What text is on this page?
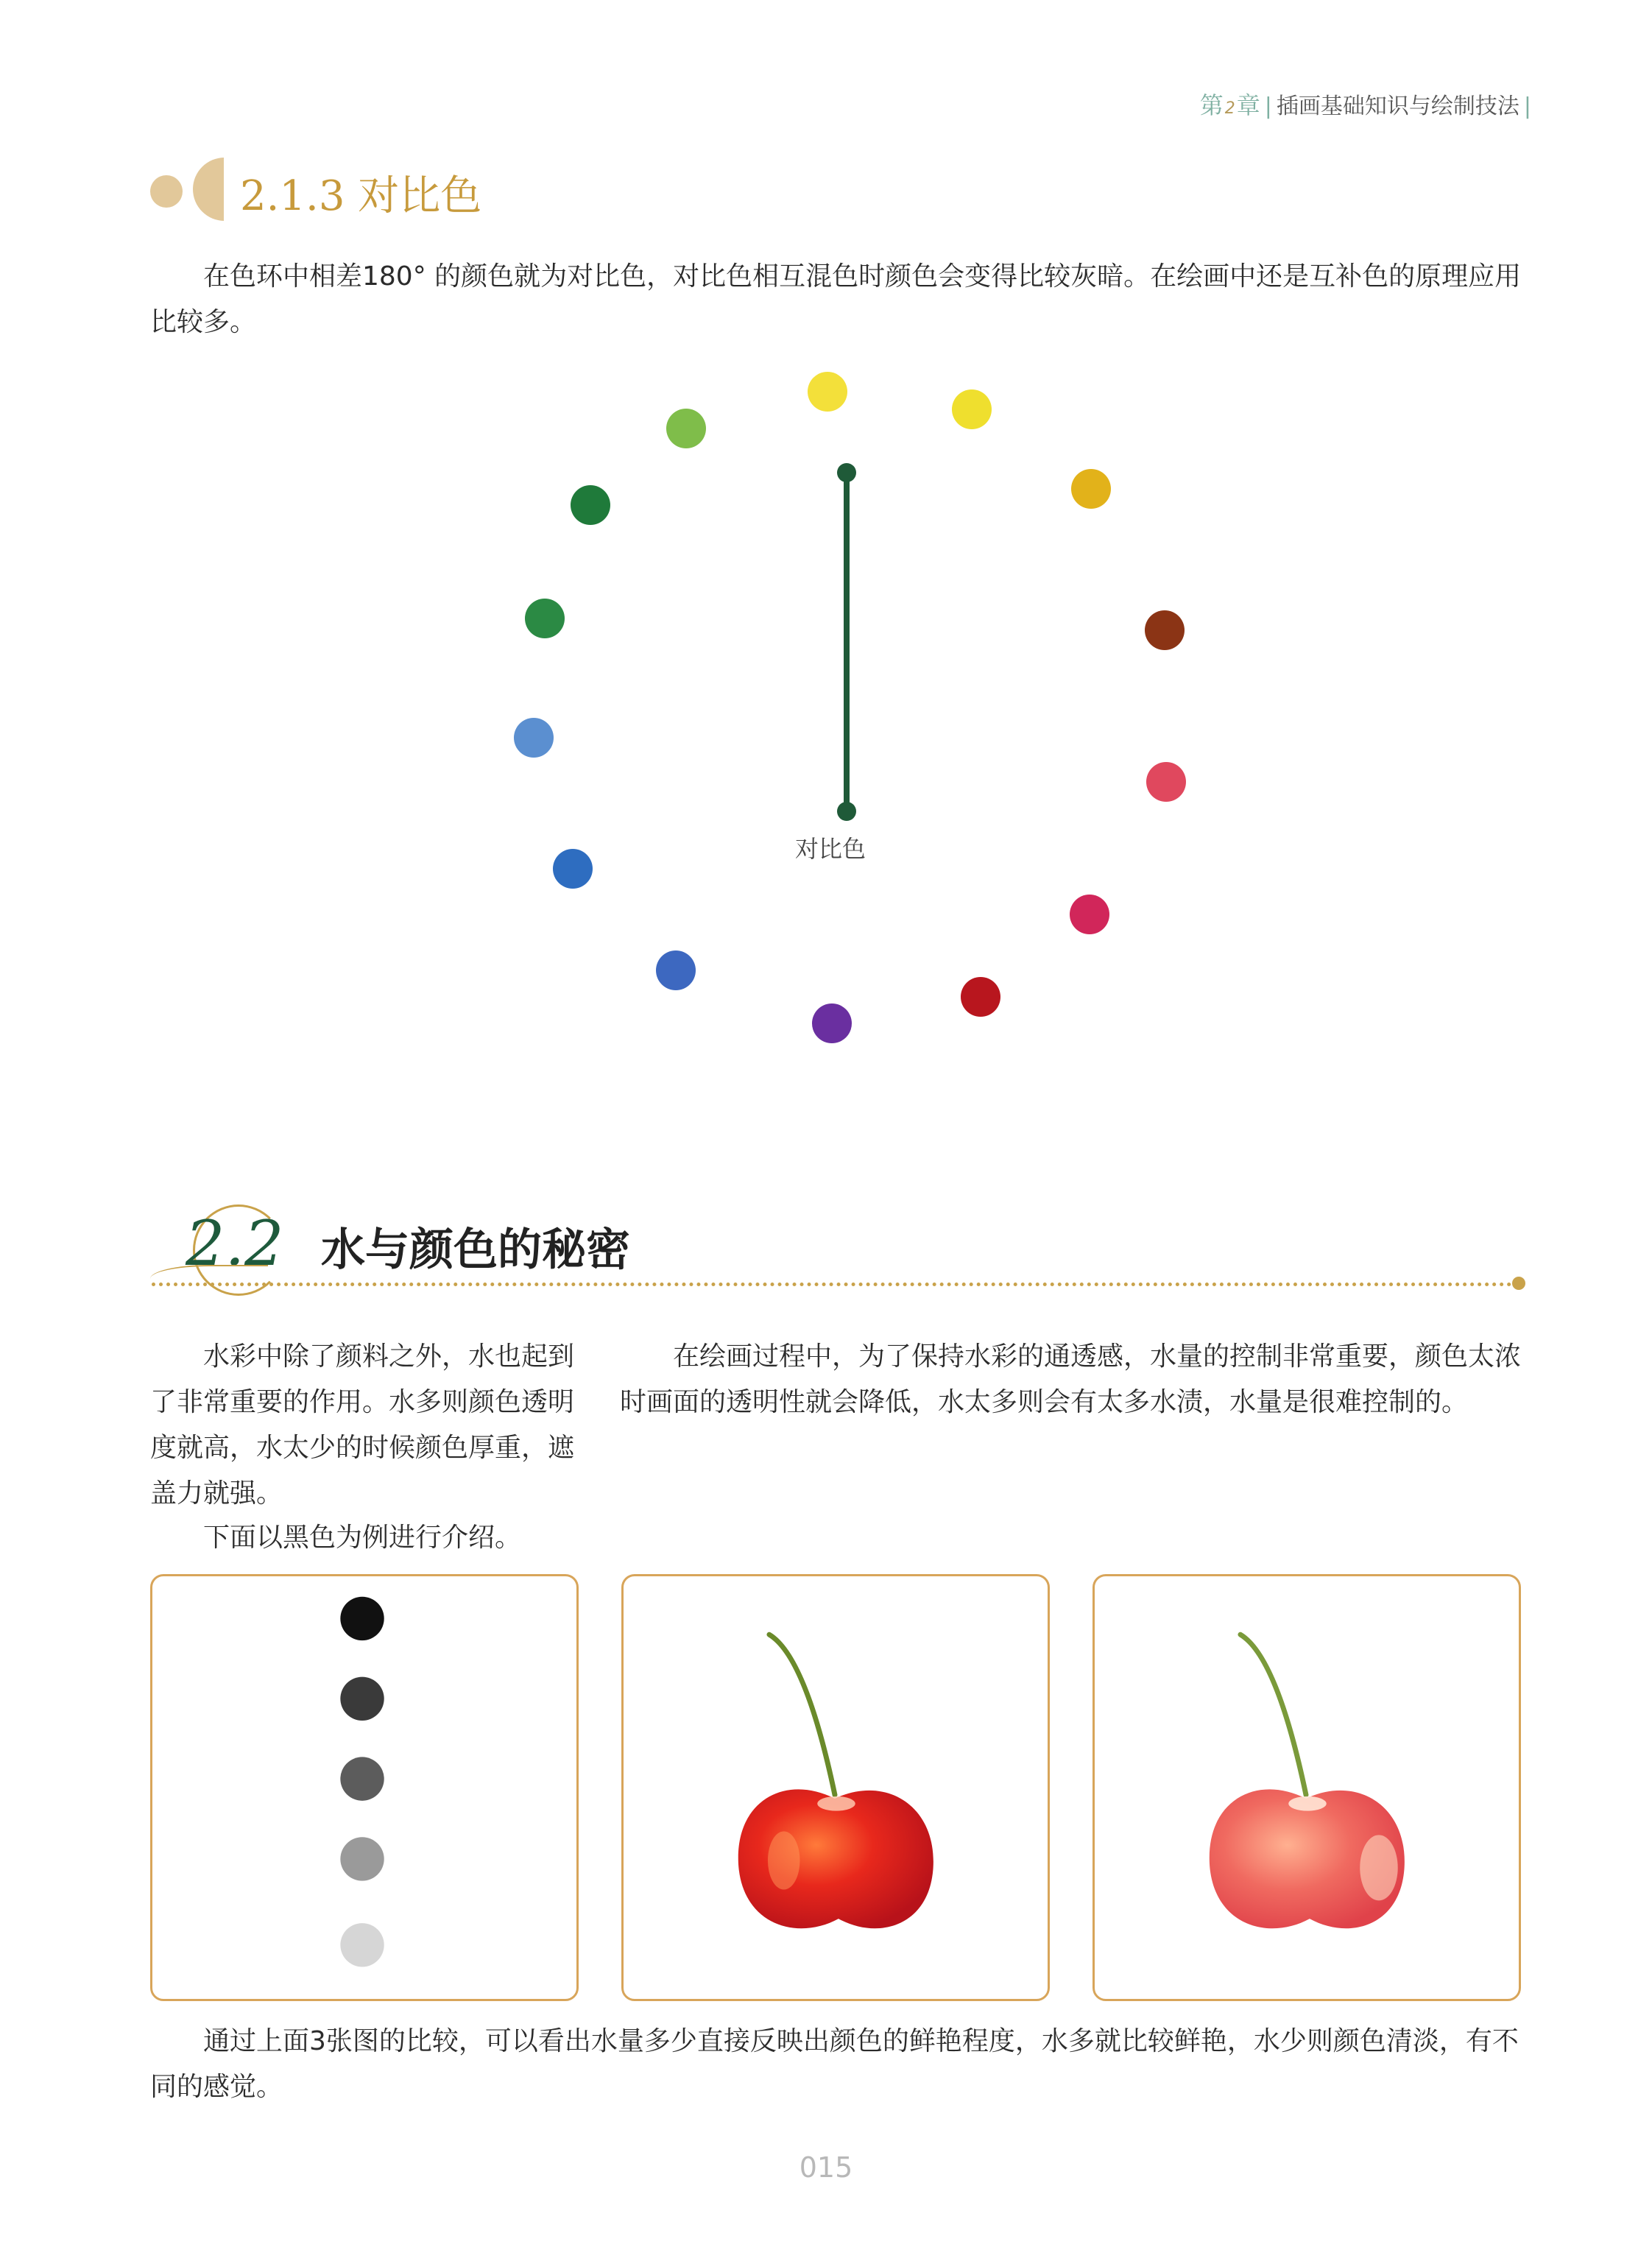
第2章 | 插画基础知识与绘制技法 |
2.1.3 对比色

在色环中相差180° 的颜色就为对比色，对比色相互混色时颜色会变得比较灰暗。在绘画中还是互补色的原理应用比较多。

对比色
2.2 水与颜色的秘密

水彩中除了颜料之外，水也起到了非常重要的作用。水多则颜色透明度就高，水太少的时候颜色厚重，遮盖力就强。

下面以黑色为例进行介绍。

在绘画过程中，为了保持水彩的通透感，水量的控制非常重要，颜色太浓时画面的透明性就会降低，水太多则会有太多水渍，水量是很难控制的。

通过上面3张图的比较，可以看出水量多少直接反映出颜色的鲜艳程度，水多就比较鲜艳，水少则颜色清淡，有不同的感觉。

015
